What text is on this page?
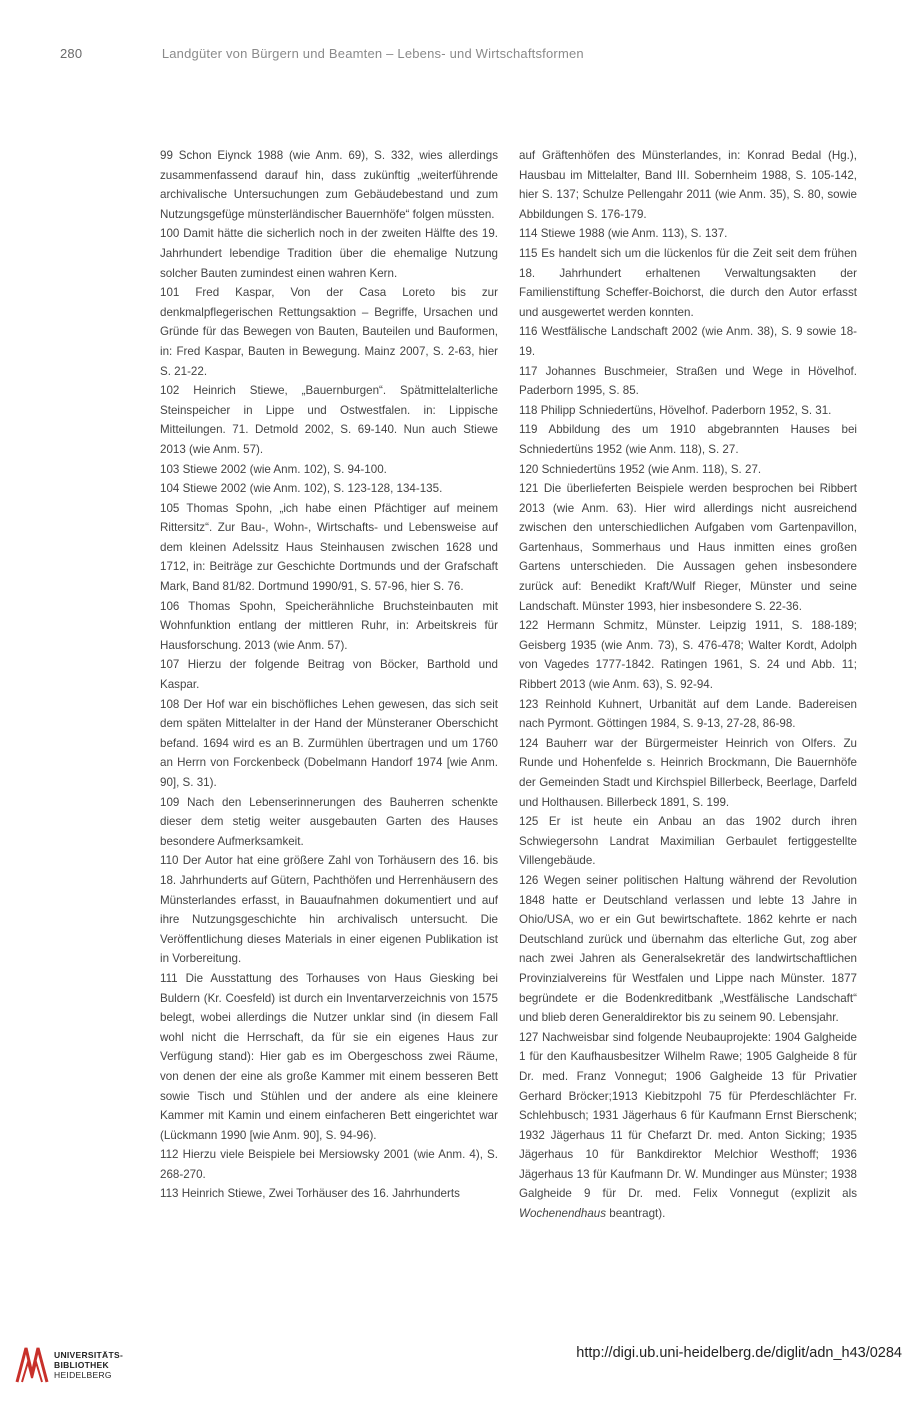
280	Landgüter von Bürgern und Beamten – Lebens- und Wirtschaftsformen

99 Schon Eiynck 1988 (wie Anm. 69), S. 332, wies allerdings zusammenfassend darauf hin, dass zukünftig „weiterführende archivalische Untersuchungen zum Gebäudebestand und zum Nutzungsgefüge münsterländischer Bauernhöfe“ folgen müssten.

100 Damit hätte die sicherlich noch in der zweiten Hälfte des 19. Jahrhundert lebendige Tradition über die ehemalige Nutzung solcher Bauten zumindest einen wahren Kern.

101 Fred Kaspar, Von der Casa Loreto bis zur denkmalpflegerischen Rettungsaktion – Begriffe, Ursachen und Gründe für das Bewegen von Bauten, Bauteilen und Bauformen, in: Fred Kaspar, Bauten in Bewegung. Mainz 2007, S. 2-63, hier S. 21-22.

102 Heinrich Stiewe, „Bauernburgen“. Spätmittelalterliche Steinspeicher in Lippe und Ostwestfalen. in: Lippische Mitteilungen. 71. Detmold 2002, S. 69-140. Nun auch Stiewe 2013 (wie Anm. 57).

103 Stiewe 2002 (wie Anm. 102), S. 94-100.

104 Stiewe 2002 (wie Anm. 102), S. 123-128, 134-135.

105 Thomas Spohn, „ich habe einen Pfächtiger auf meinem Rittersitz“. Zur Bau-, Wohn-, Wirtschafts- und Lebensweise auf dem kleinen Adelssitz Haus Steinhausen zwischen 1628 und 1712, in: Beiträge zur Geschichte Dortmunds und der Grafschaft Mark, Band 81/82. Dortmund 1990/91, S. 57-96, hier S. 76.

106 Thomas Spohn, Speicherähnliche Bruchsteinbauten mit Wohnfunktion entlang der mittleren Ruhr, in: Arbeitskreis für Hausforschung. 2013 (wie Anm. 57).

107 Hierzu der folgende Beitrag von Böcker, Barthold und Kaspar.

108 Der Hof war ein bischöfliches Lehen gewesen, das sich seit dem späten Mittelalter in der Hand der Münsteraner Oberschicht befand. 1694 wird es an B. Zurmühlen übertragen und um 1760 an Herrn von Forckenbeck (Dobelmann Handorf 1974 [wie Anm. 90], S. 31).

109 Nach den Lebenserinnerungen des Bauherren schenkte dieser dem stetig weiter ausgebauten Garten des Hauses besondere Aufmerksamkeit.

110 Der Autor hat eine größere Zahl von Torhäusern des 16. bis 18. Jahrhunderts auf Gütern, Pachthöfen und Herrenhäusern des Münsterlandes erfasst, in Bauaufnahmen dokumentiert und auf ihre Nutzungsgeschichte hin archivalisch untersucht. Die Veröffentlichung dieses Materials in einer eigenen Publikation ist in Vorbereitung.

111 Die Ausstattung des Torhauses von Haus Giesking bei Buldern (Kr. Coesfeld) ist durch ein Inventarverzeichnis von 1575 belegt, wobei allerdings die Nutzer unklar sind (in diesem Fall wohl nicht die Herrschaft, da für sie ein eigenes Haus zur Verfügung stand): Hier gab es im Obergeschoss zwei Räume, von denen der eine als große Kammer mit einem besseren Bett sowie Tisch und Stühlen und der andere als eine kleinere Kammer mit Kamin und einem einfacheren Bett eingerichtet war (Lückmann 1990 [wie Anm. 90], S. 94-96).

112 Hierzu viele Beispiele bei Mersiowsky 2001 (wie Anm. 4), S. 268-270.

113 Heinrich Stiewe, Zwei Torhäuser des 16. Jahrhunderts

auf Gräftenhöfen des Münsterlandes, in: Konrad Bedal (Hg.), Hausbau im Mittelalter, Band III. Sobernheim 1988, S. 105-142, hier S. 137; Schulze Pellengahr 2011 (wie Anm. 35), S. 80, sowie Abbildungen S. 176-179.

114 Stiewe 1988 (wie Anm. 113), S. 137.

115 Es handelt sich um die lückenlos für die Zeit seit dem frühen 18. Jahrhundert erhaltenen Verwaltungsakten der Familienstiftung Scheffer-Boichorst, die durch den Autor erfasst und ausgewertet werden konnten.

116 Westfälische Landschaft 2002 (wie Anm. 38), S. 9 sowie 18-19.

117 Johannes Buschmeier, Straßen und Wege in Hövelhof. Paderborn 1995, S. 85.

118 Philipp Schniedertüns, Hövelhof. Paderborn 1952, S. 31.

119 Abbildung des um 1910 abgebrannten Hauses bei Schniedertüns 1952 (wie Anm. 118), S. 27.

120 Schniedertüns 1952 (wie Anm. 118), S. 27.

121 Die überlieferten Beispiele werden besprochen bei Ribbert 2013 (wie Anm. 63). Hier wird allerdings nicht ausreichend zwischen den unterschiedlichen Aufgaben vom Gartenpavillon, Gartenhaus, Sommerhaus und Haus inmitten eines großen Gartens unterschieden. Die Aussagen gehen insbesondere zurück auf: Benedikt Kraft/Wulf Rieger, Münster und seine Landschaft. Münster 1993, hier insbesondere S. 22-36.

122 Hermann Schmitz, Münster. Leipzig 1911, S. 188-189; Geisberg 1935 (wie Anm. 73), S. 476-478; Walter Kordt, Adolph von Vagedes 1777-1842. Ratingen 1961, S. 24 und Abb. 11; Ribbert 2013 (wie Anm. 63), S. 92-94.

123 Reinhold Kuhnert, Urbanität auf dem Lande. Badereisen nach Pyrmont. Göttingen 1984, S. 9-13, 27-28, 86-98.

124 Bauherr war der Bürgermeister Heinrich von Olfers. Zu Runde und Hohenfelde s. Heinrich Brockmann, Die Bauernhöfe der Gemeinden Stadt und Kirchspiel Billerbeck, Beerlage, Darfeld und Holthausen. Billerbeck 1891, S. 199.

125 Er ist heute ein Anbau an das 1902 durch ihren Schwiegersohn Landrat Maximilian Gerbaulet fertiggestellte Villengebäude.

126 Wegen seiner politischen Haltung während der Revolution 1848 hatte er Deutschland verlassen und lebte 13 Jahre in Ohio/USA, wo er ein Gut bewirtschaftete. 1862 kehrte er nach Deutschland zurück und übernahm das elterliche Gut, zog aber nach zwei Jahren als Generalsekretär des landwirtschaftlichen Provinzialvereins für Westfalen und Lippe nach Münster. 1877 begründete er die Bodenkreditbank „Westfälische Landschaft“ und blieb deren Generaldirektor bis zu seinem 90. Lebensjahr.

127 Nachweisbar sind folgende Neubauprojekte: 1904 Galgheide 1 für den Kaufhausbesitzer Wilhelm Rawe; 1905 Galgheide 8 für Dr. med. Franz Vonnegut; 1906 Galgheide 13 für Privatier Gerhard Bröcker;1913 Kiebitzpohl 75 für Pferdeschlächter Fr. Schlehbusch; 1931 Jägerhaus 6 für Kaufmann Ernst Bierschenk; 1932 Jägerhaus 11 für Chefarzt Dr. med. Anton Sicking; 1935 Jägerhaus 10 für Bankdirektor Melchior Westhoff; 1936 Jägerhaus 13 für Kaufmann Dr. W. Mundinger aus Münster; 1938 Galgheide 9 für Dr. med. Felix Vonnegut (explizit als Wochenendhaus beantragt).

UNIVERSITÄTS-
BIBLIOTHEK
HEIDELBERG
http://digi.ub.uni-heidelberg.de/diglit/adn_h43/0284
